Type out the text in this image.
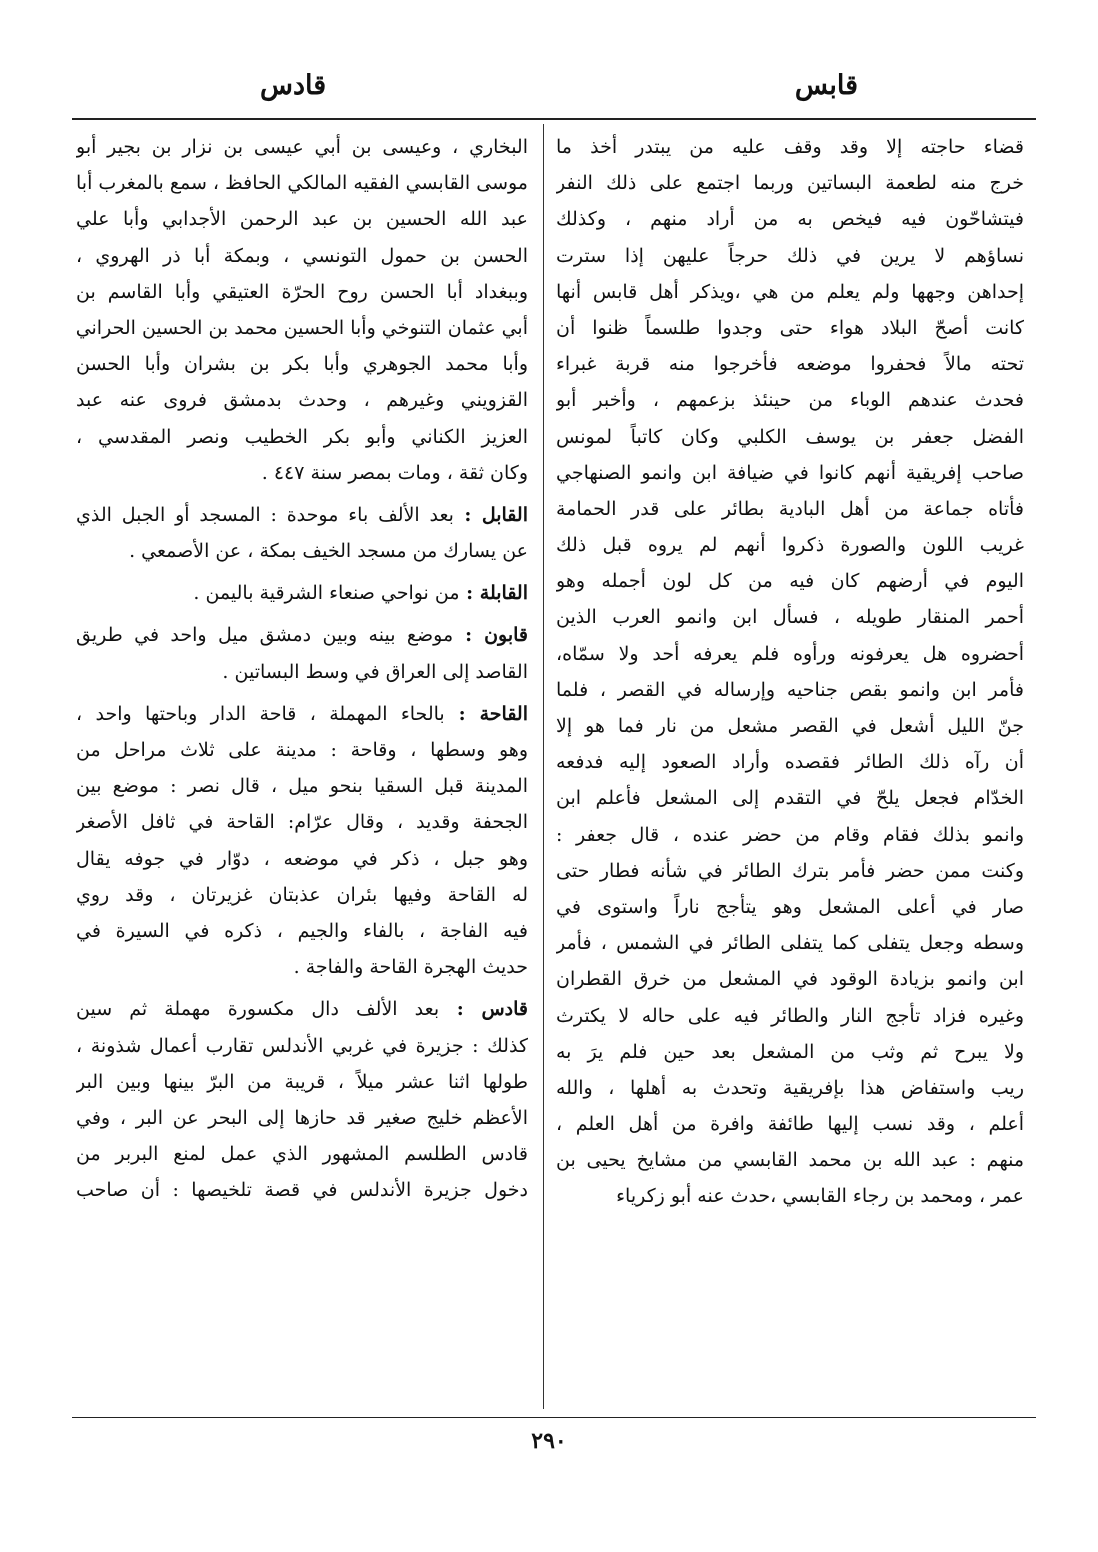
قابس
قادس
قضاء حاجته إلا وقد وقف عليه من يبتدر أخذ ما
خرج منه لطعمة البساتين وربما اجتمع على ذلك النفر
فيتشاحّون فيه فيخص به من أراد منهم ، وكذلك
نساؤهم لا يرين في ذلك حرجاً عليهن إذا سترت
إحداهن وجهها ولم يعلم من هي ،ويذكر أهل قابس أنها
كانت أصحّ البلاد هواء حتى وجدوا طلسماً ظنوا أن
تحته مالاً فحفروا موضعه فأخرجوا منه قربة غبراء
فحدث عندهم الوباء من حينئذ بزعمهم ، وأخبر أبو
الفضل جعفر بن يوسف الكلبي وكان كاتباً لمونس
صاحب إفريقية أنهم كانوا في ضيافة ابن وانمو الصنهاجي
فأتاه جماعة من أهل البادية بطائر على قدر الحمامة
غريب اللون والصورة ذكروا أنهم لم يروه قبل ذلك
اليوم في أرضهم كان فيه من كل لون أجمله وهو
أحمر المنقار طويله ، فسأل ابن وانمو العرب الذين
أحضروه هل يعرفونه ورأوه فلم يعرفه أحد ولا سمّاه،
فأمر ابن وانمو بقص جناحيه وإرساله في القصر ، فلما
جنّ الليل أشعل في القصر مشعل من نار فما هو إلا
أن رآه ذلك الطائر فقصده وأراد الصعود إليه فدفعه
الخدّام فجعل يلحّ في التقدم إلى المشعل فأعلم ابن
وانمو بذلك فقام وقام من حضر عنده ، قال جعفر :
وكنت ممن حضر فأمر بترك الطائر في شأنه فطار حتى
صار في أعلى المشعل وهو يتأجج ناراً واستوى في
وسطه وجعل يتفلى كما يتفلى الطائر في الشمس ، فأمر
ابن وانمو بزيادة الوقود في المشعل من خرق القطران
وغيره فزاد تأجج النار والطائر فيه على حاله لا يكترث
ولا يبرح ثم وثب من المشعل بعد حين فلم يرَ به
ريب واستفاض هذا بإفريقية وتحدث به أهلها ، والله
أعلم ، وقد نسب إليها طائفة وافرة من أهل العلم ،
منهم : عبد الله بن محمد القابسي من مشايخ يحيى بن
عمر ، ومحمد بن رجاء القابسي ،حدث عنه أبو زكرياء
البخاري ، وعيسى بن أبي عيسى بن نزار بن بجير أبو
موسى القابسي الفقيه المالكي الحافظ ، سمع بالمغرب أبا
عبد الله الحسين بن عبد الرحمن الأجدابي وأبا علي
الحسن بن حمول التونسي ، وبمكة أبا ذر الهروي ،
وببغداد أبا الحسن روح الحرّة العتيقي وأبا القاسم بن
أبي عثمان التنوخي وأبا الحسين محمد بن الحسين الحراني
وأبا محمد الجوهري وأبا بكر بن بشران وأبا الحسن
القزويني وغيرهم ، وحدث بدمشق فروى عنه عبد
العزيز الكناني وأبو بكر الخطيب ونصر المقدسي ،
وكان ثقة ، ومات بمصر سنة ٤٤٧ .
القابل : بعد الألف باء موحدة : المسجد أو الجبل الذي
عن يسارك من مسجد الخيف بمكة ، عن الأصمعي .
القابلة : من نواحي صنعاء الشرقية باليمن .
قابون : موضع بينه وبين دمشق ميل واحد في طريق
القاصد إلى العراق في وسط البساتين .
القاحة : بالحاء المهملة ، قاحة الدار وباحتها واحد ،
وهو وسطها ، وقاحة : مدينة على ثلاث مراحل من
المدينة قبل السقيا بنحو ميل ، قال نصر : موضع بين
الجحفة وقديد ، وقال عرّام: القاحة في ثافل الأصغر
وهو جبل ، ذكر في موضعه ، دوّار في جوفه يقال
له القاحة وفيها بئران عذبتان غزيرتان ، وقد روي
فيه الفاجة ، بالفاء والجيم ، ذكره في السيرة في
حديث الهجرة القاحة والفاجة .
قادس : بعد الألف دال مكسورة مهملة ثم سين
كذلك : جزيرة في غربي الأندلس تقارب أعمال شذونة ،
طولها اثنا عشر ميلاً ، قريبة من البرّ بينها وبين البر
الأعظم خليج صغير قد حازها إلى البحر عن البر ، وفي
قادس الطلسم المشهور الذي عمل لمنع البربر من
دخول جزيرة الأندلس في قصة تلخيصها : أن صاحب
٢٩٠
